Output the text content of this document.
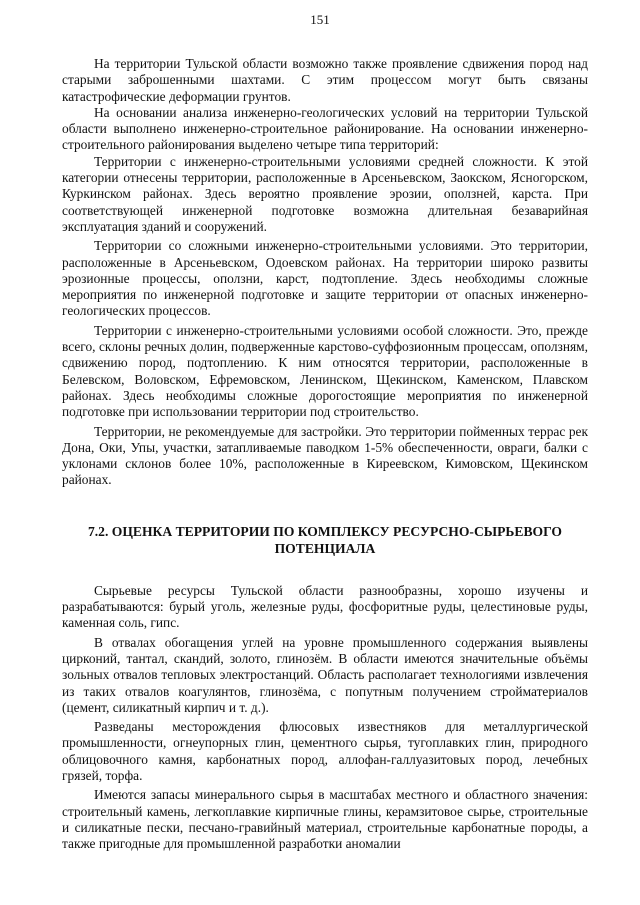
151

На территории Тульской области возможно также проявление сдвижения пород над старыми заброшенными шахтами. С этим процессом могут быть связаны катастрофические деформации грунтов.

На основании анализа инженерно-геологических условий на территории Тульской области выполнено инженерно-строительное районирование. На основании инженерно-строительного районирования выделено четыре типа территорий:

Территории с инженерно-строительными условиями средней сложности. К этой категории отнесены территории, расположенные в Арсеньевском, Заокском, Ясногорском, Куркинском районах. Здесь вероятно проявление эрозии, оползней, карста. При соответствующей инженерной подготовке возможна длительная безаварийная эксплуатация зданий и сооружений.

Территории со сложными инженерно-строительными условиями. Это территории, расположенные в Арсеньевском, Одоевском районах. На территории широко развиты эрозионные процессы, оползни, карст, подтопление. Здесь необходимы сложные мероприятия по инженерной подготовке и защите территории от опасных инженерно-геологических процессов.

Территории с инженерно-строительными условиями особой сложности. Это, прежде всего, склоны речных долин, подверженные карстово-суффозионным процессам, оползням, сдвижению пород, подтоплению. К ним относятся территории, расположенные в Белевском, Воловском, Ефремовском, Ленинском, Щекинском, Каменском, Плавском районах. Здесь необходимы сложные дорогостоящие мероприятия по инженерной подготовке при использовании территории под строительство.

Территории, не рекомендуемые для застройки. Это территории пойменных террас рек Дона, Оки, Упы, участки, затапливаемые паводком 1-5% обеспеченности, овраги, балки с уклонами склонов более 10%, расположенные в Киреевском, Кимовском, Щекинском районах.

7.2. ОЦЕНКА ТЕРРИТОРИИ ПО КОМПЛЕКСУ РЕСУРСНО-СЫРЬЕВОГО ПОТЕНЦИАЛА

Сырьевые ресурсы Тульской области разнообразны, хорошо изучены и разрабатываются: бурый уголь, железные руды, фосфоритные руды, целестиновые руды, каменная соль, гипс.

В отвалах обогащения углей на уровне промышленного содержания выявлены цирконий, тантал, скандий, золото, глинозём. В области имеются значительные объёмы зольных отвалов тепловых электростанций. Область располагает технологиями извлечения из таких отвалов коагулянтов, глинозёма, с попутным получением стройматериалов (цемент, силикатный кирпич и т. д.).

Разведаны месторождения флюсовых известняков для металлургической промышленности, огнеупорных глин, цементного сырья, тугоплавких глин, природного облицовочного камня, карбонатных пород, аллофан-галлуазитовых пород, лечебных грязей, торфа.

Имеются запасы минерального сырья в масштабах местного и областного значения: строительный камень, легкоплавкие кирпичные глины, керамзитовое сырье, строительные и силикатные пески, песчано-гравийный материал, строительные карбонатные породы, а также пригодные для промышленной разработки аномалии
